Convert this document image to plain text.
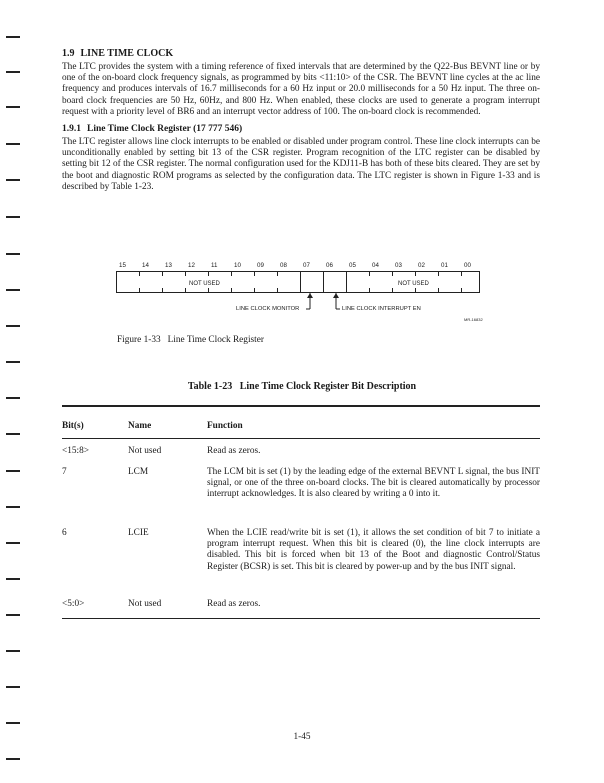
1.9 LINE TIME CLOCK

The LTC provides the system with a timing reference of fixed intervals that are determined by the Q22-Bus BEVNT line or by one of the on-board clock frequency signals, as programmed by bits <11:10> of the CSR. The BEVNT line cycles at the ac line frequency and produces intervals of 16.7 milliseconds for a 60 Hz input or 20.0 milliseconds for a 50 Hz input. The three on-board clock frequencies are 50 Hz, 60Hz, and 800 Hz. When enabled, these clocks are used to generate a program interrupt request with a priority level of BR6 and an interrupt vector address of 100. The on-board clock is recommended.

1.9.1 Line Time Clock Register (17 777 546)

The LTC register allows line clock interrupts to be enabled or disabled under program control. These line clock interrupts can be unconditionally enabled by setting bit 13 of the CSR register. Program recognition of the LTC register can be disabled by setting bit 12 of the CSR register. The normal configuration used for the KDJ11-B has both of these bits cleared. They are set by the boot and diagnostic ROM programs as selected by the configuration data. The LTC register is shown in Figure 1-33 and is described by Table 1-23.

15	14	13	12	11	10	09	08	07	06	05	04	03	02	01	00
NOT USED	NOT USED
LINE CLOCK MONITOR	LINE CLOCK INTERRUPT EN
MR-16832
Figure 1-33 Line Time Clock Register
Table 1-23 Line Time Clock Register Bit Description
Bit(s)	Name	Function
<15:8>	Not used	Read as zeros.
7	LCM	The LCM bit is set (1) by the leading edge of the external BEVNT L signal, the bus INIT signal, or one of the three on-board clocks. The bit is cleared automatically by processor interrupt acknowledges. It is also cleared by writing a 0 into it.
6	LCIE	When the LCIE read/write bit is set (1), it allows the set condition of bit 7 to initiate a program interrupt request. When this bit is cleared (0), the line clock interrupts are disabled. This bit is forced when bit 13 of the Boot and diagnostic Control/Status Register (BCSR) is set. This bit is cleared by power-up and by the bus INIT signal.
<5:0>	Not used	Read as zeros.
1-45
